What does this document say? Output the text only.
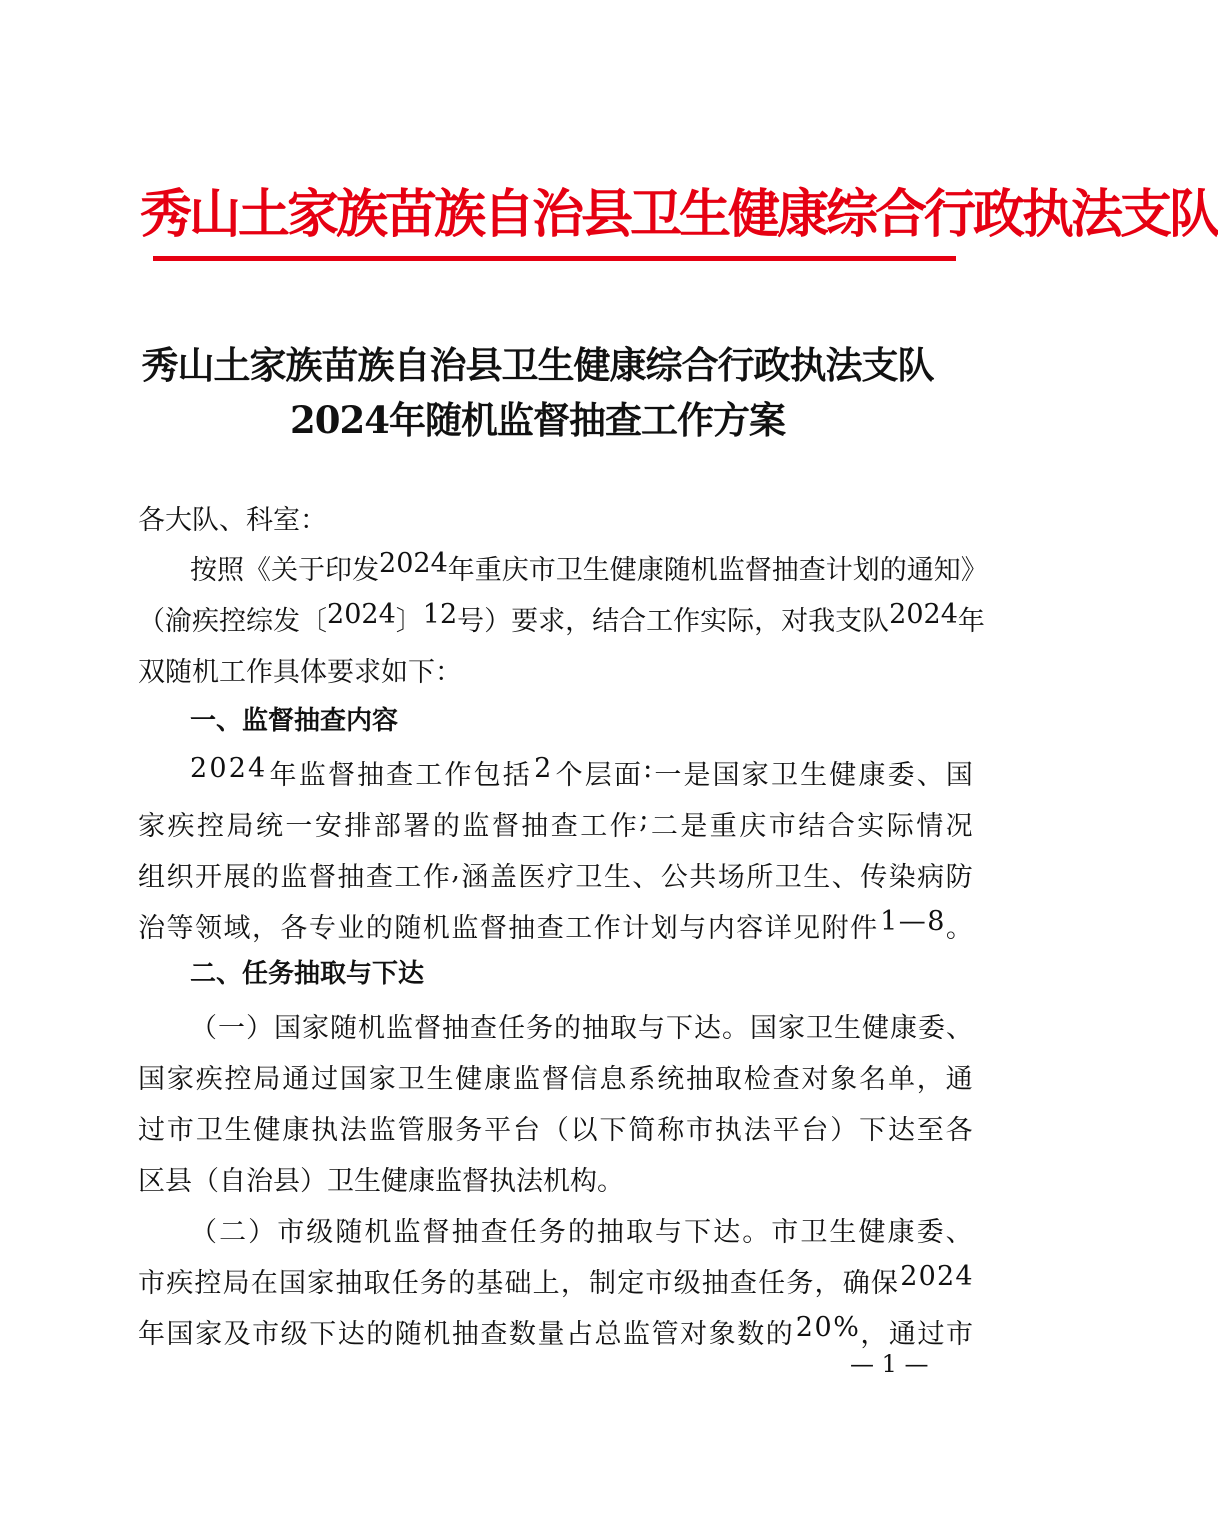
秀山土家族苗族自治县卫生健康综合行政执法支队
秀山土家族苗族自治县卫生健康综合行政执法支队
2024年随机监督抽查工作方案
各大队、科室：
按 照 《 关 于 印 发 2 0 2 4 年 重 庆 市 卫 生 健 康 随 机 监 督 抽 查 计 划 的 通 知 》
（ 渝 疾 控 综 发 〔 2 0 2 4 〕 1 2 号 ） 要 求 ， 结 合 工 作 实 际 ， 对 我 支 队 2 0 2 4 年
双随机工作具体要求如下：
一、监督抽查内容
2 0 2 4 年 监 督 抽 查 工 作 包 括 2 个 层 面 : 一 是 国 家 卫 生 健 康 委 、 国
家 疾 控 局 统 一 安 排 部 署 的 监 督 抽 查 工 作 ; 二 是 重 庆 市 结 合 实 际 情 况
组 织 开 展 的 监 督 抽 查 工 作 , 涵 盖 医 疗 卫 生 、 公 共 场 所 卫 生 、 传 染 病 防
治 等 领 域 ， 各 专 业 的 随 机 监 督 抽 查 工 作 计 划 与 内 容 详 见 附 件 1 — 8 。
二、任务抽取与下达
（ 一 ） 国 家 随 机 监 督 抽 查 任 务 的 抽 取 与 下 达 。 国 家 卫 生 健 康 委 、
国 家 疾 控 局 通 过 国 家 卫 生 健 康 监 督 信 息 系 统 抽 取 检 查 对 象 名 单 ， 通
过 市 卫 生 健 康 执 法 监 管 服 务 平 台 （ 以 下 简 称 市 执 法 平 台 ） 下 达 至 各
区县（自治县）卫生健康监督执法机构。
（ 二 ） 市 级 随 机 监 督 抽 查 任 务 的 抽 取 与 下 达 。 市 卫 生 健 康 委 、
市 疾 控 局 在 国 家 抽 取 任 务 的 基 础 上 ， 制 定 市 级 抽 查 任 务 ， 确 保 2 0 2 4
年 国 家 及 市 级 下 达 的 随 机 抽 查 数 量 占 总 监 管 对 象 数 的 2 0 % ， 通 过 市
— 1 —
